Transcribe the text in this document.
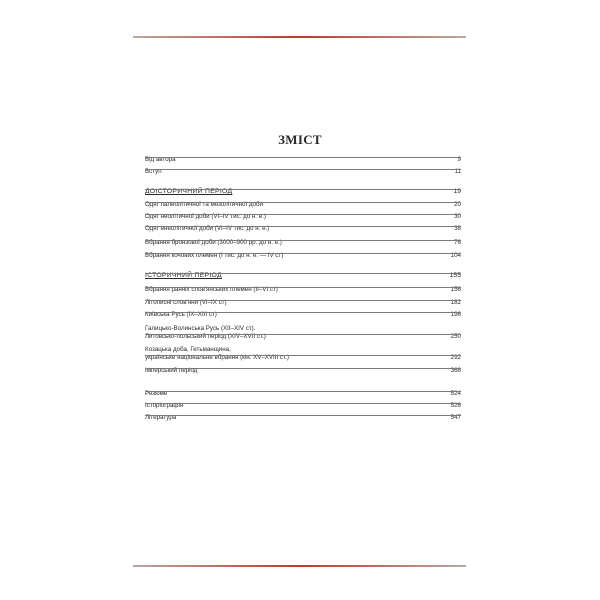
ЗМІСТ
Від автора	9
Вступ	11
ДОІСТОРИЧНИЙ ПЕРІОД	19
Одяг палеолітичної та мезолітичної доби	20
Одяг неолітичної доби (VI–IV тис. до н. е.)	30
Одяг енеолітичної доби (VI–IV тис. до н. е.)	38
Вбрання бронзової доби (3000–900 рр. до н. е.)	76
Вбрання кочових племен (І тис. до н. е. — IV ст)	104
ІСТОРИЧНИЙ ПЕРІОД	155
Вбрання ранніх слов'янських племен (II–VI ст)	156
Літописні слов'яни (VI–IX ст)	182
Київська Русь (IX–XIII ст)	196
Галицько-Волинська Русь (XII–XIV ст).
Литовсько-польський період (XIV–XVII ст.)	250
Козацька доба, Гетьманщина,
українське національне вбрання (кін. XV–XVIII ст.)	292
Імперський період	368
Резюме	524
Історіографія	526
Література	547
